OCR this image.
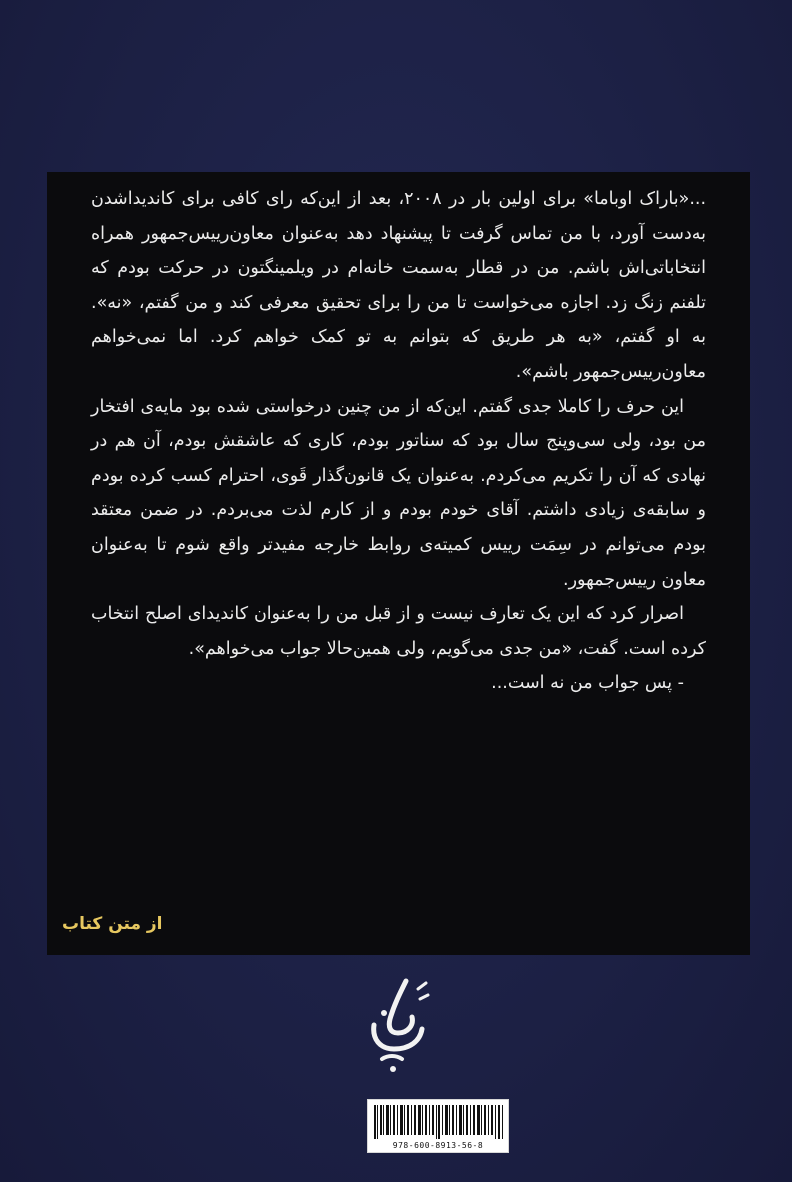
...«باراک اوباما» برای اولین بار در ۲۰۰۸، بعد از این‌که رای کافی برای کاندیداشدن به‌دست آورد، با من تماس گرفت تا پیشنهاد دهد به‌عنوان معاون‌رییس‌جمهور همراه انتخاباتی‌اش باشم. من در قطار به‌سمت خانه‌ام در ویلمینگتون در حرکت بودم که تلفنم زنگ زد. اجازه می‌خواست تا من را برای تحقیق معرفی کند و من گفتم، «نه». به او گفتم، «به هر طریق که بتوانم به تو کمک خواهم کرد. اما نمی‌خواهم معاون‌رییس‌جمهور باشم».

این حرف را کاملا جدی گفتم. این‌که از من چنین درخواستی شده بود مایه‌ی افتخار من بود، ولی سی‌وپنج سال بود که سناتور بودم، کاری که عاشقش بودم، آن هم در نهادی که آن را تکریم می‌کردم. به‌عنوان یک قانون‌گذار قَوی، احترام کسب کرده بودم و سابقه‌ی زیادی داشتم. آقای خودم بودم و از کارم لذت می‌بردم. در ضمن معتقد بودم می‌توانم در سِمَت رییس کمیته‌ی روابط خارجه مفیدتر واقع شوم تا به‌عنوان معاون رییس‌جمهور.

اصرار کرد که این یک تعارف نیست و از قبل من را به‌عنوان کاندیدای اصلح انتخاب کرده است. گفت، «من جدی می‌گویم، ولی همین‌حالا جواب می‌خواهم».

- پس جواب من نه است...

از متن کتاب
978-600-8913-56-8
